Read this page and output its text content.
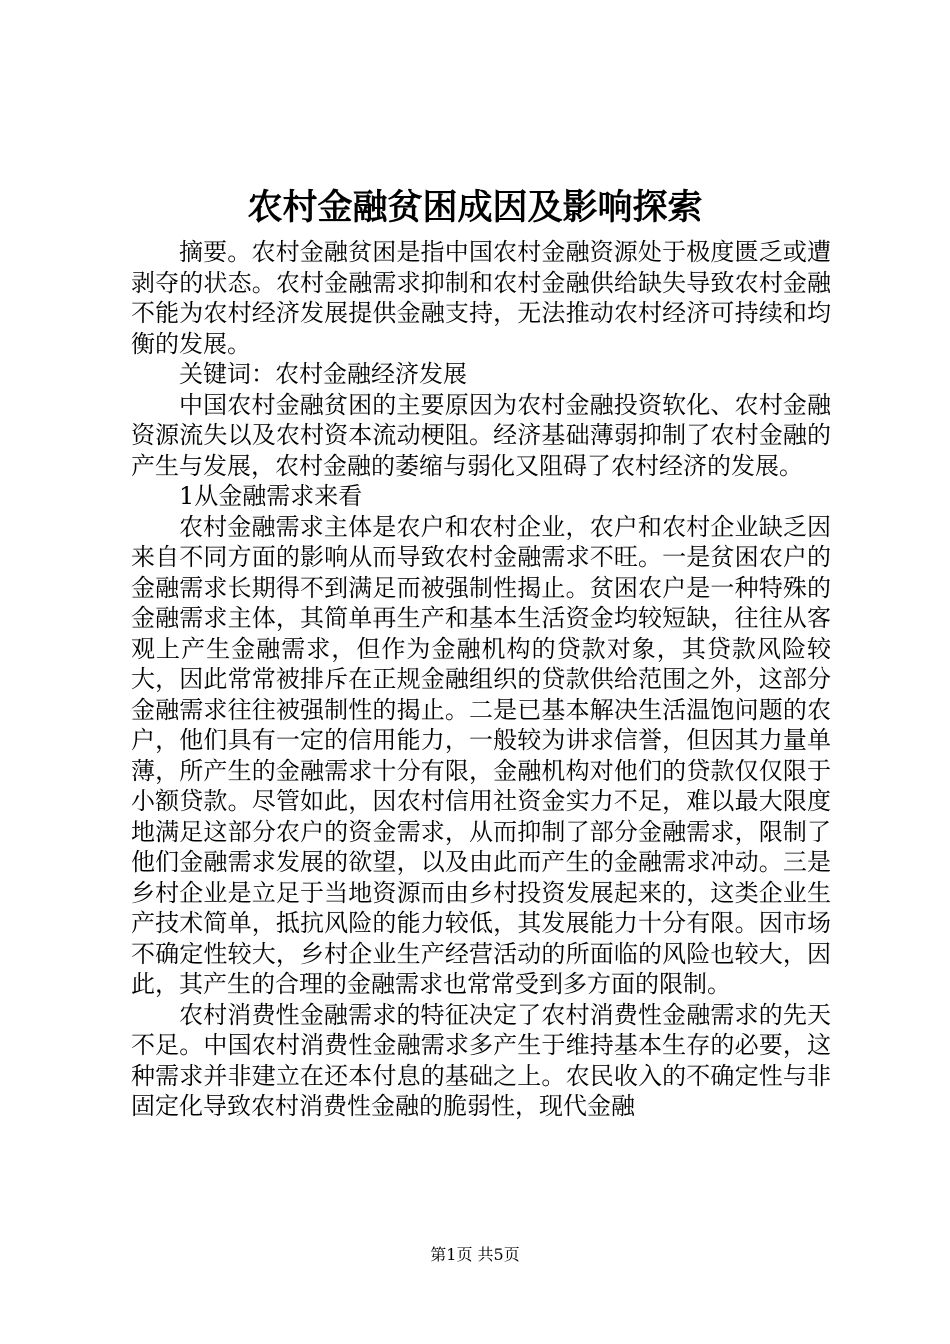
农村金融贫困成因及影响探索

摘要。农村金融贫困是指中国农村金融资源处于极度匮乏或遭剥夺的状态。农村金融需求抑制和农村金融供给缺失导致农村金融不能为农村经济发展提供金融支持，无法推动农村经济可持续和均衡的发展。

关键词：农村金融经济发展

中国农村金融贫困的主要原因为农村金融投资软化、农村金融资源流失以及农村资本流动梗阻。经济基础薄弱抑制了农村金融的产生与发展，农村金融的萎缩与弱化又阻碍了农村经济的发展。

1从金融需求来看

农村金融需求主体是农户和农村企业，农户和农村企业缺乏因来自不同方面的影响从而导致农村金融需求不旺。一是贫困农户的金融需求长期得不到满足而被强制性揭止。贫困农户是一种特殊的金融需求主体，其简单再生产和基本生活资金均较短缺，往往从客观上产生金融需求，但作为金融机构的贷款对象，其贷款风险较大，因此常常被排斥在正规金融组织的贷款供给范围之外，这部分金融需求往往被强制性的揭止。二是已基本解决生活温饱问题的农户，他们具有一定的信用能力，一般较为讲求信誉，但因其力量单薄，所产生的金融需求十分有限，金融机构对他们的贷款仅仅限于小额贷款。尽管如此，因农村信用社资金实力不足，难以最大限度地满足这部分农户的资金需求，从而抑制了部分金融需求，限制了他们金融需求发展的欲望，以及由此而产生的金融需求冲动。三是乡村企业是立足于当地资源而由乡村投资发展起来的，这类企业生产技术简单，抵抗风险的能力较低，其发展能力十分有限。因市场不确定性较大，乡村企业生产经营活动的所面临的风险也较大，因此，其产生的合理的金融需求也常常受到多方面的限制。

农村消费性金融需求的特征决定了农村消费性金融需求的先天不足。中国农村消费性金融需求多产生于维持基本生存的必要，这种需求并非建立在还本付息的基础之上。农民收入的不确定性与非固定化导致农村消费性金融的脆弱性，现代金融

第1页 共5页
